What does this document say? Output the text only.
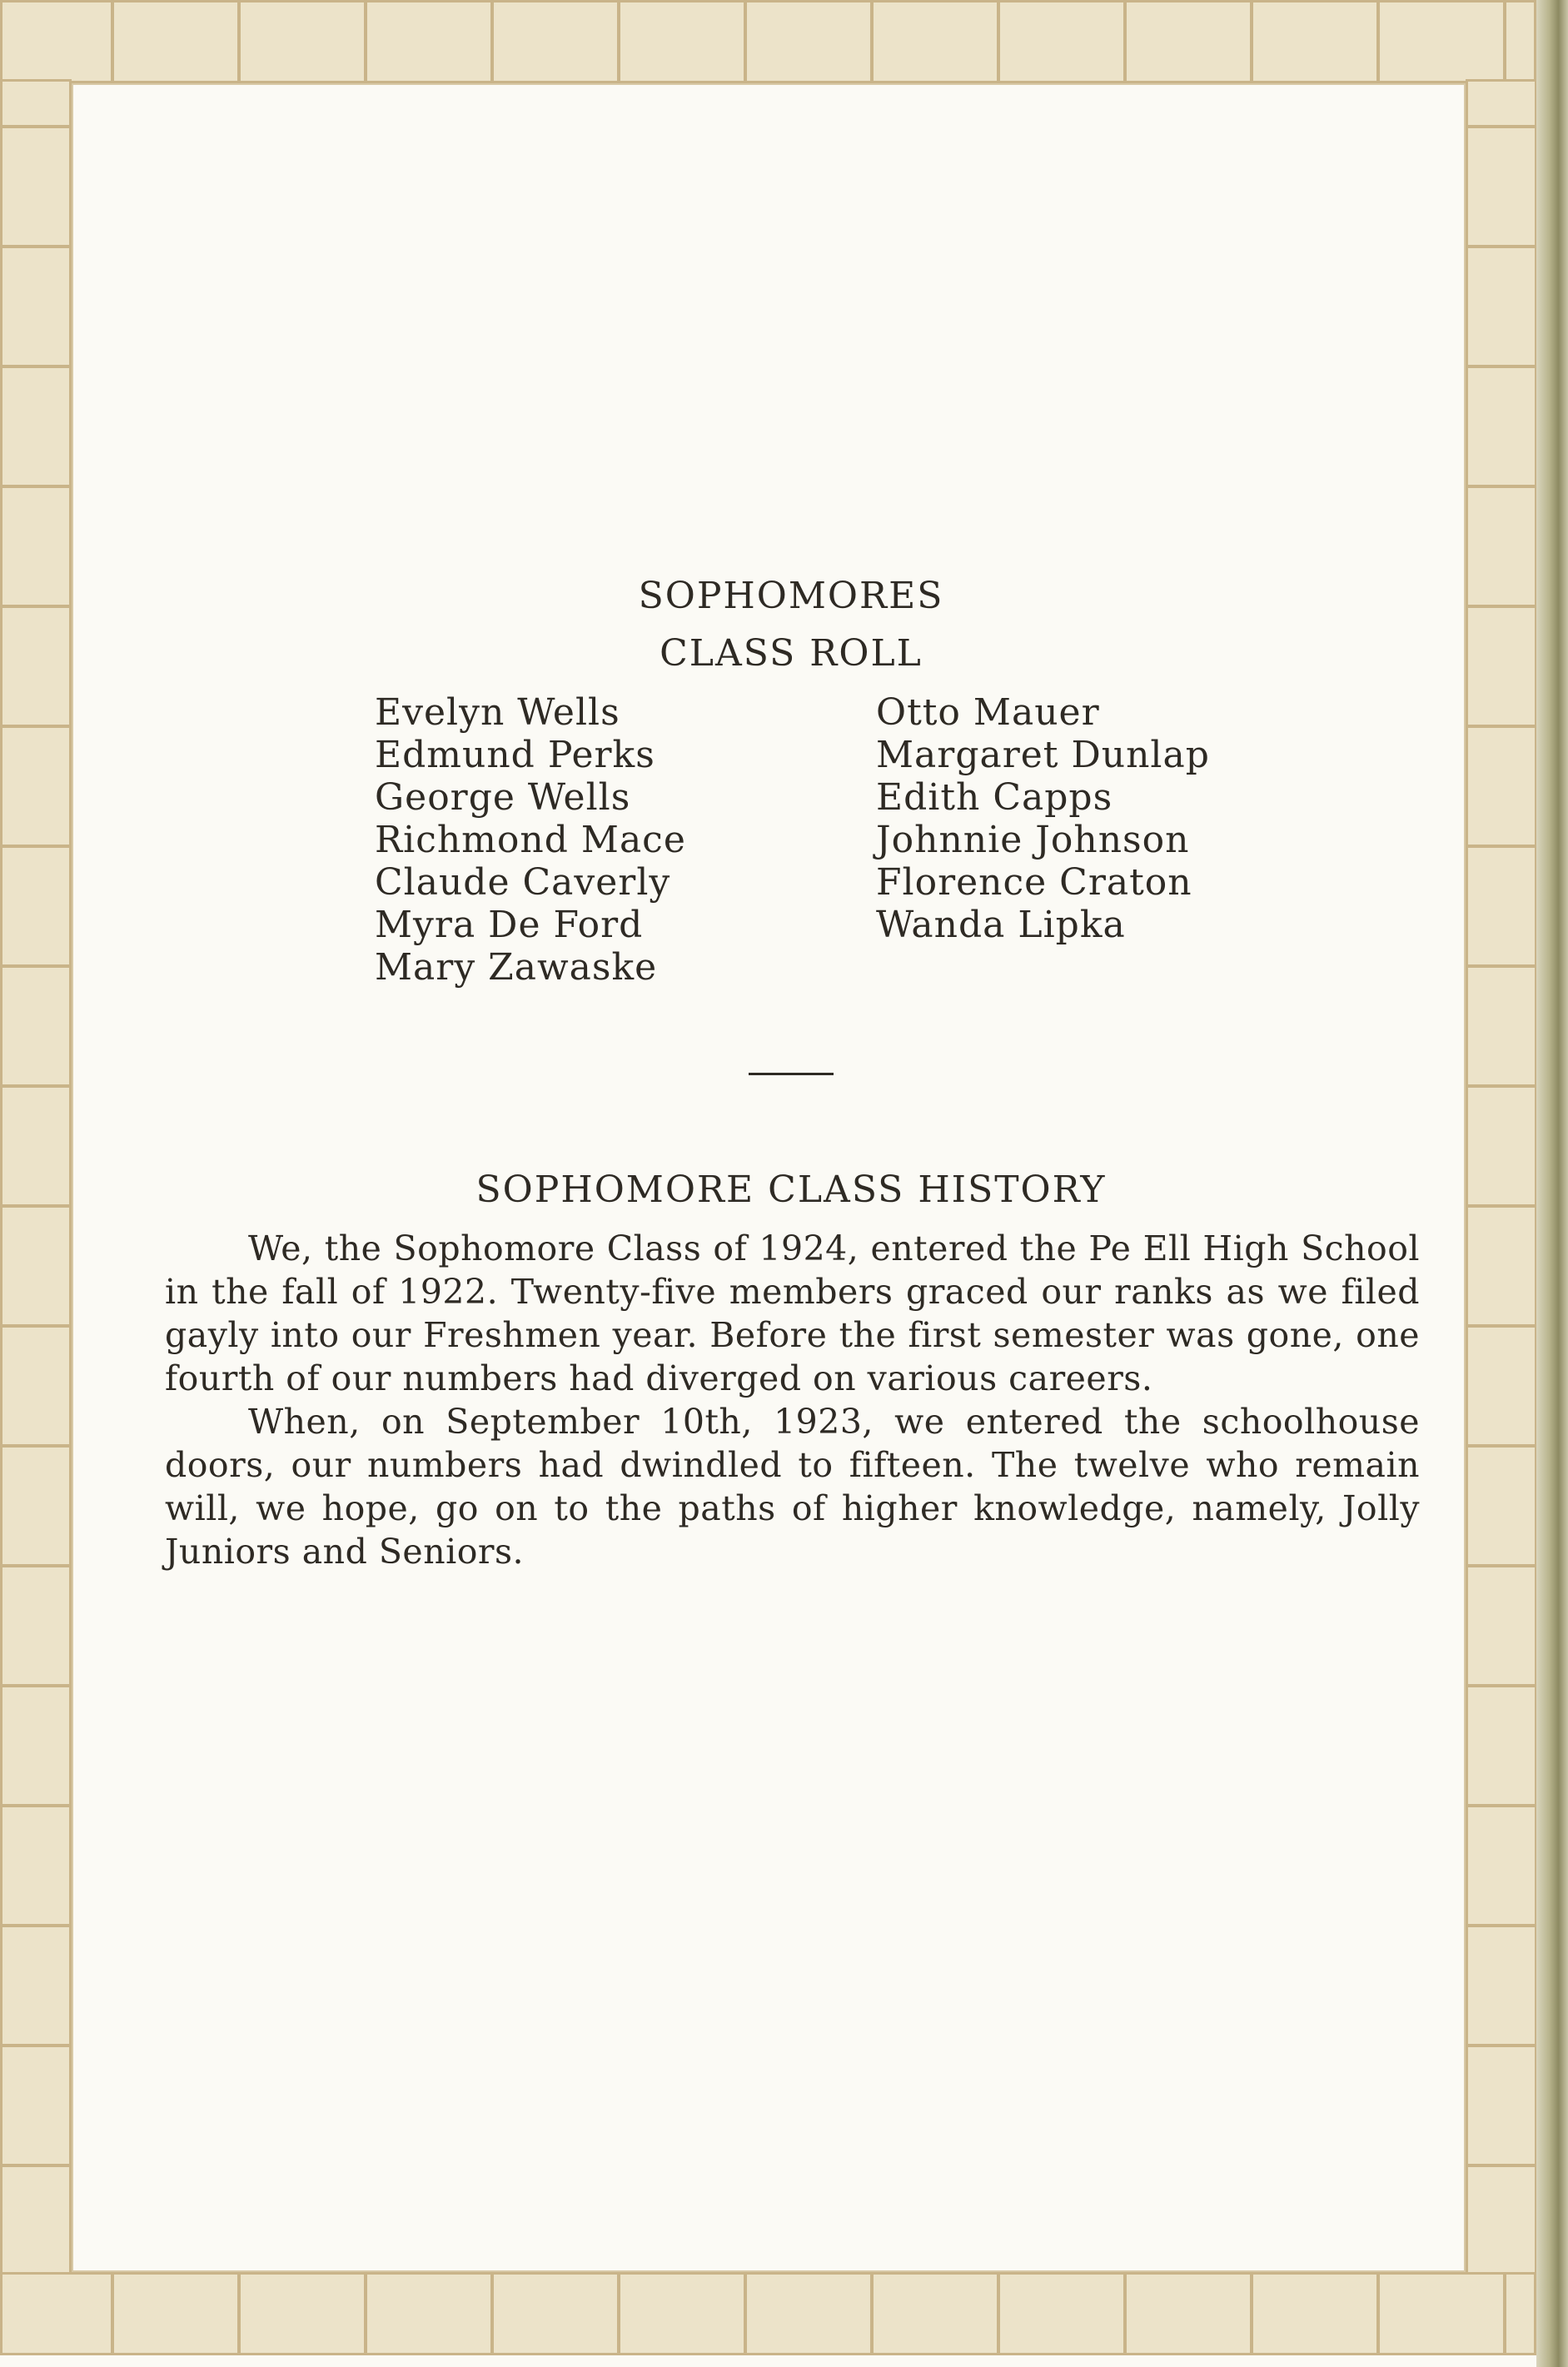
SOPHOMORES
CLASS ROLL
Evelyn Wells
Edmund Perks
George Wells
Richmond Mace
Claude Caverly
Myra De Ford
Mary Zawaske
Otto Mauer
Margaret Dunlap
Edith Capps
Johnnie Johnson
Florence Craton
Wanda Lipka
SOPHOMORE CLASS HISTORY

We, the Sophomore Class of 1924, entered the Pe Ell High School in the fall of 1922. Twenty-five members graced our ranks as we filed gayly into our Freshmen year. Before the first semester was gone, one fourth of our numbers had diverged on various careers.

When, on September 10th, 1923, we entered the schoolhouse doors, our numbers had dwindled to fifteen. The twelve who remain will, we hope, go on to the paths of higher knowledge, namely, Jolly Juniors and Seniors.
